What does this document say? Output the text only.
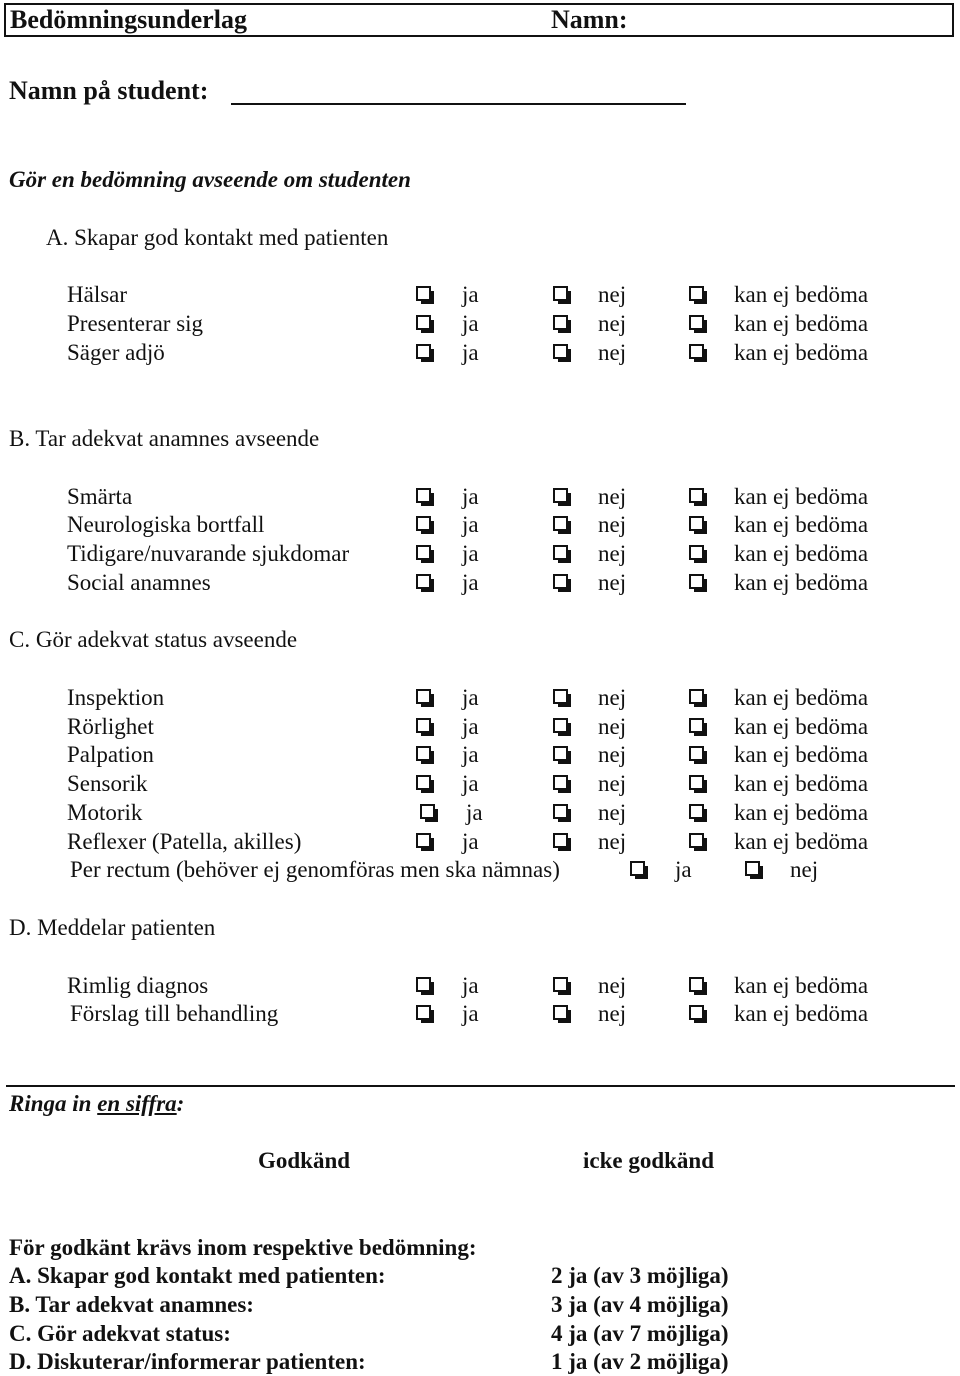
Bedömningsunderlag	Namn:
Namn på student:
Gör en bedömning avseende om studenten
A. Skapar god kontakt med patienten
Hälsar	ja	nej	kan ej bedöma
Presenterar sig	ja	nej	kan ej bedöma
Säger adjö	ja	nej	kan ej bedöma
B. Tar adekvat anamnes avseende
Smärta	ja	nej	kan ej bedöma
Neurologiska bortfall	ja	nej	kan ej bedöma
Tidigare/nuvarande sjukdomar	ja	nej	kan ej bedöma
Social anamnes	ja	nej	kan ej bedöma
C. Gör adekvat status avseende
Inspektion	ja	nej	kan ej bedöma
Rörlighet	ja	nej	kan ej bedöma
Palpation	ja	nej	kan ej bedöma
Sensorik	ja	nej	kan ej bedöma
Motorik	ja	nej	kan ej bedöma
Reflexer (Patella, akilles)	ja	nej	kan ej bedöma
Per rectum (behöver ej genomföras men ska nämnas)	ja	nej
D. Meddelar patienten
Rimlig diagnos	ja	nej	kan ej bedöma
Förslag till behandling	ja	nej	kan ej bedöma
Ringa in en siffra:
Godkänd	icke godkänd
För godkänt krävs inom respektive bedömning:
A. Skapar god kontakt med patienten:	2 ja (av 3 möjliga)
B. Tar adekvat anamnes:	3 ja (av 4 möjliga)
C. Gör adekvat status:	4 ja (av 7 möjliga)
D. Diskuterar/informerar patienten:	1 ja (av 2 möjliga)
